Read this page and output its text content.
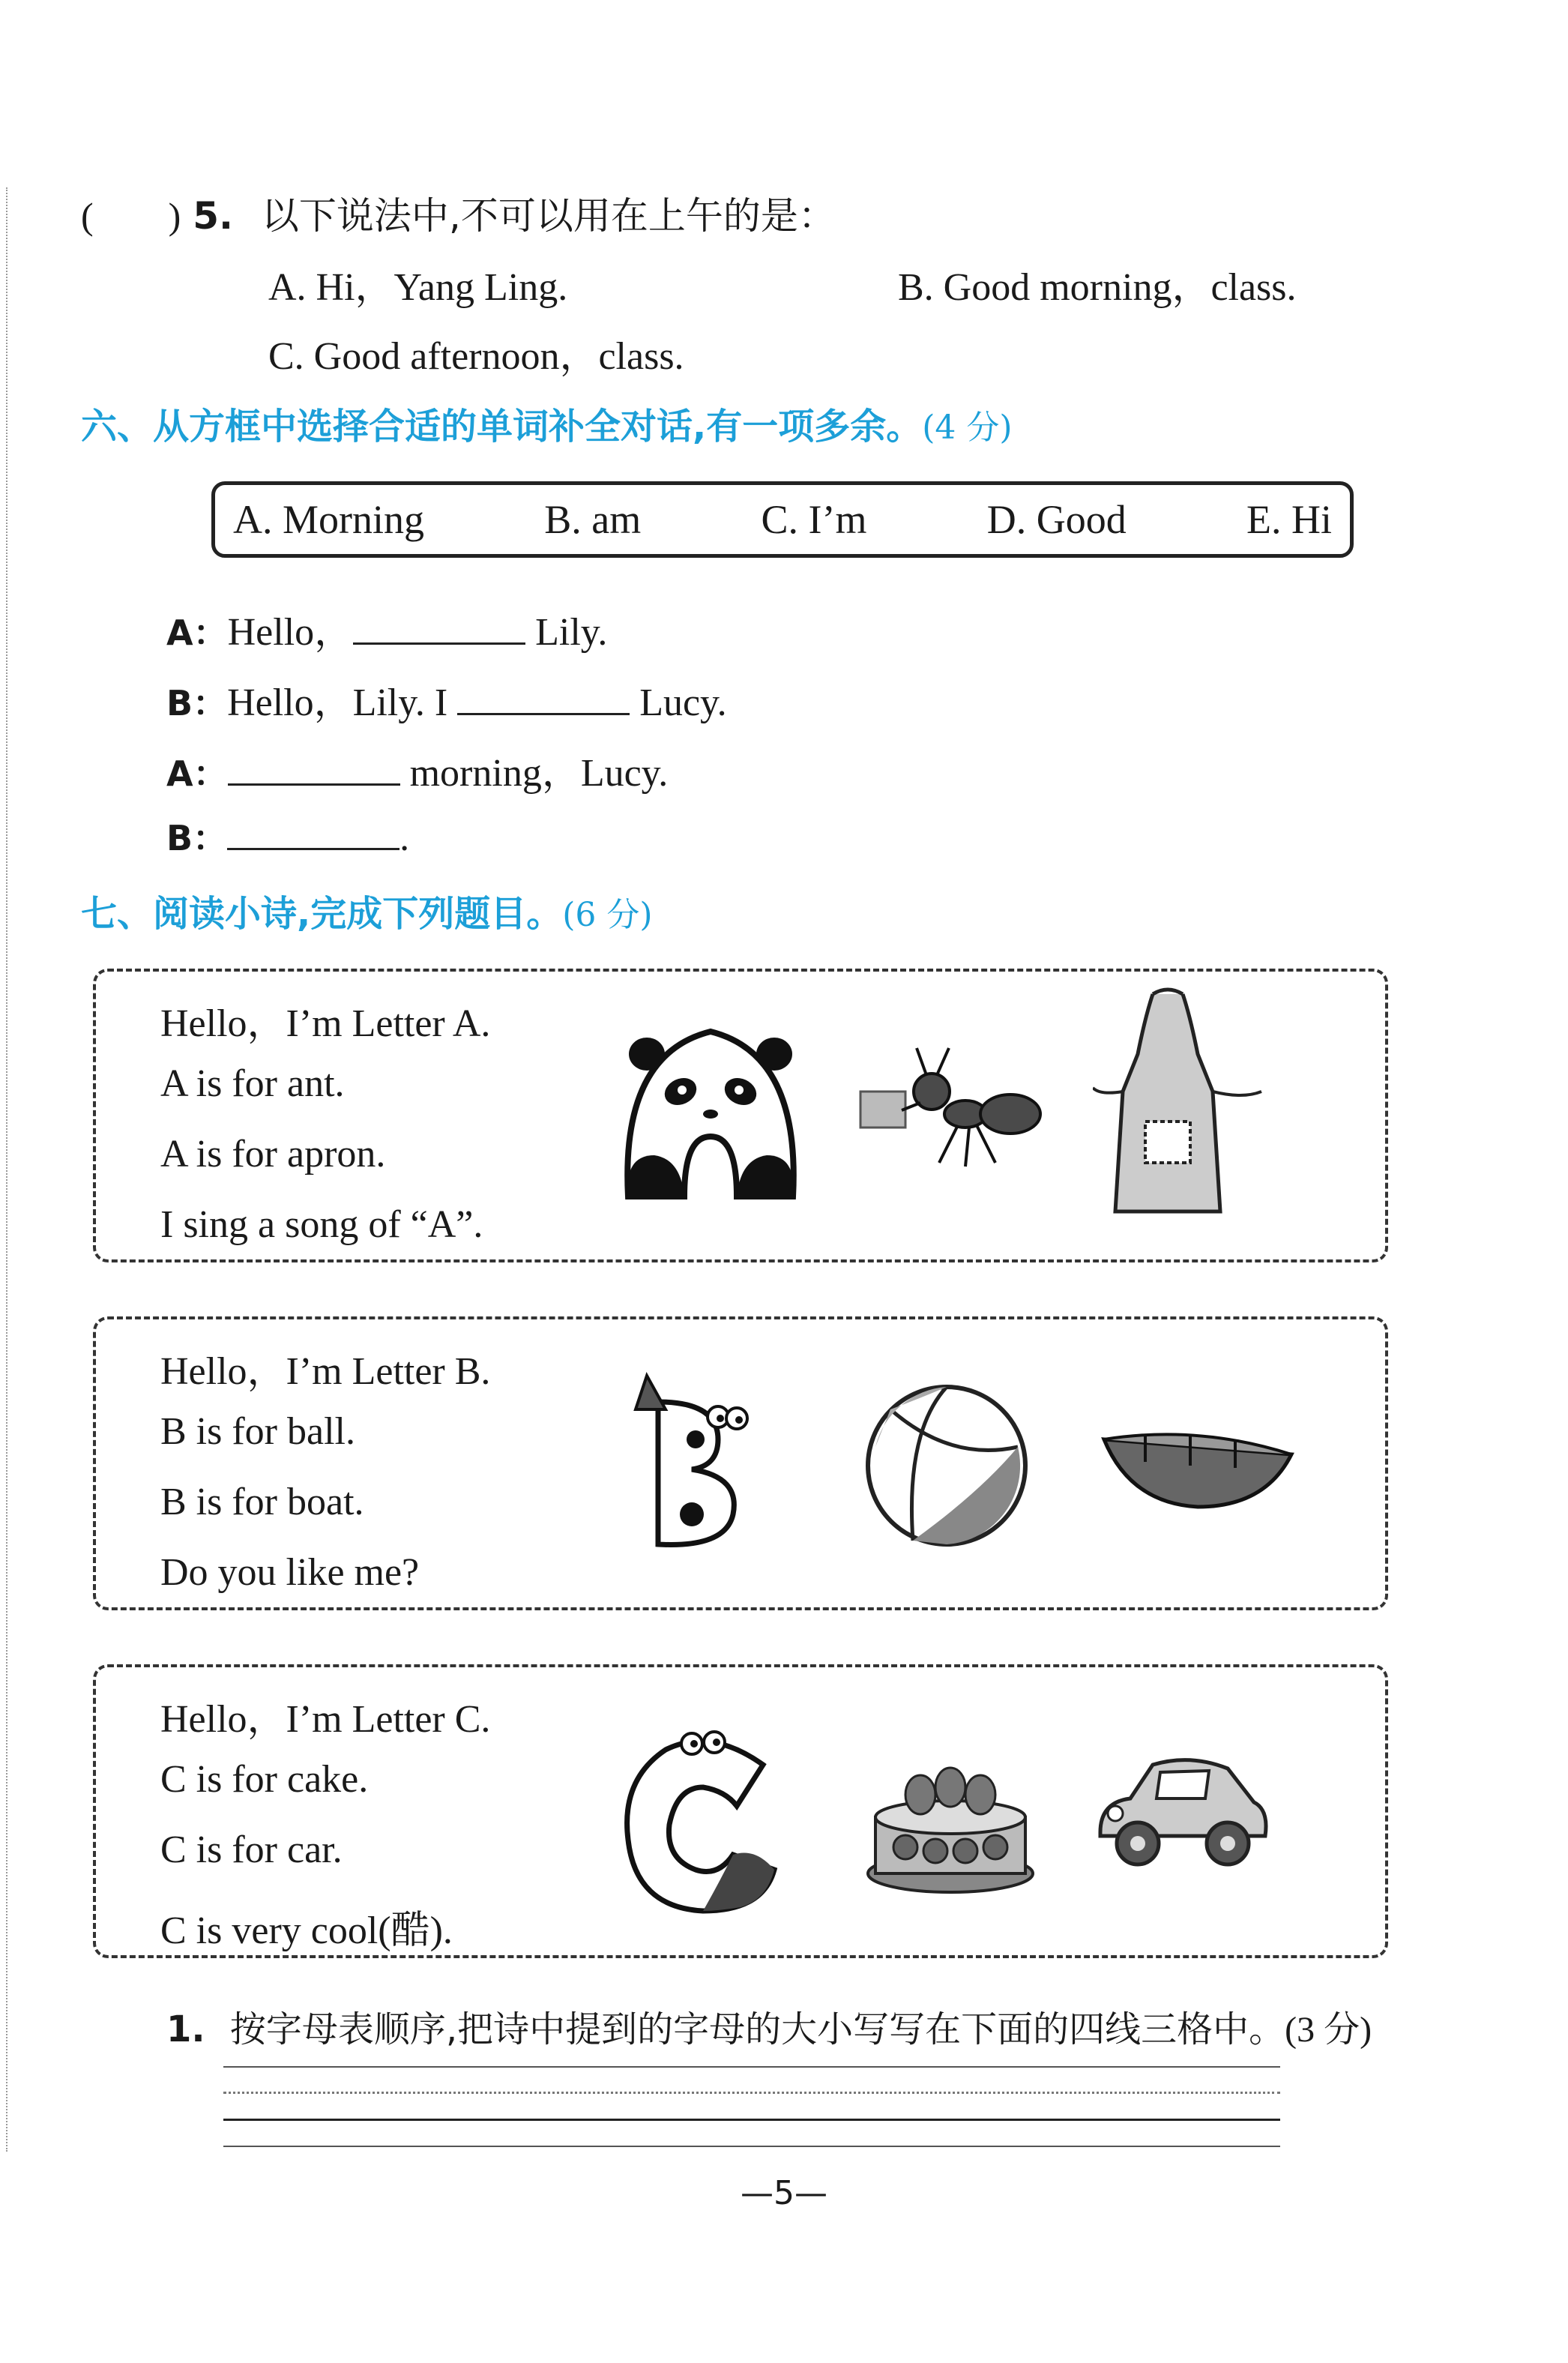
(　　) 5. 以下说法中,不可以用在上午的是：
A. Hi，Yang Ling.	B. Good morning，class.
C. Good afternoon，class.
六、从方框中选择合适的单词补全对话,有一项多余。(4 分)
A. Morning	B. am	C. I’m	D. Good	E. Hi
A：Hello，	Lily.
B：Hello，Lily. I	Lucy.
A：	morning，Lucy.
B：	.
七、阅读小诗,完成下列题目。(6 分)
Hello，I’m Letter A.
A is for ant.
A is for apron.
I sing a song of “A”.
Hello，I’m Letter B.
B is for ball.
B is for boat.
Do you like me?
Hello，I’m Letter C.
C is for cake.
C is for car.
C is very cool(酷).
1. 按字母表顺序,把诗中提到的字母的大小写写在下面的四线三格中。(3 分)
—5—
